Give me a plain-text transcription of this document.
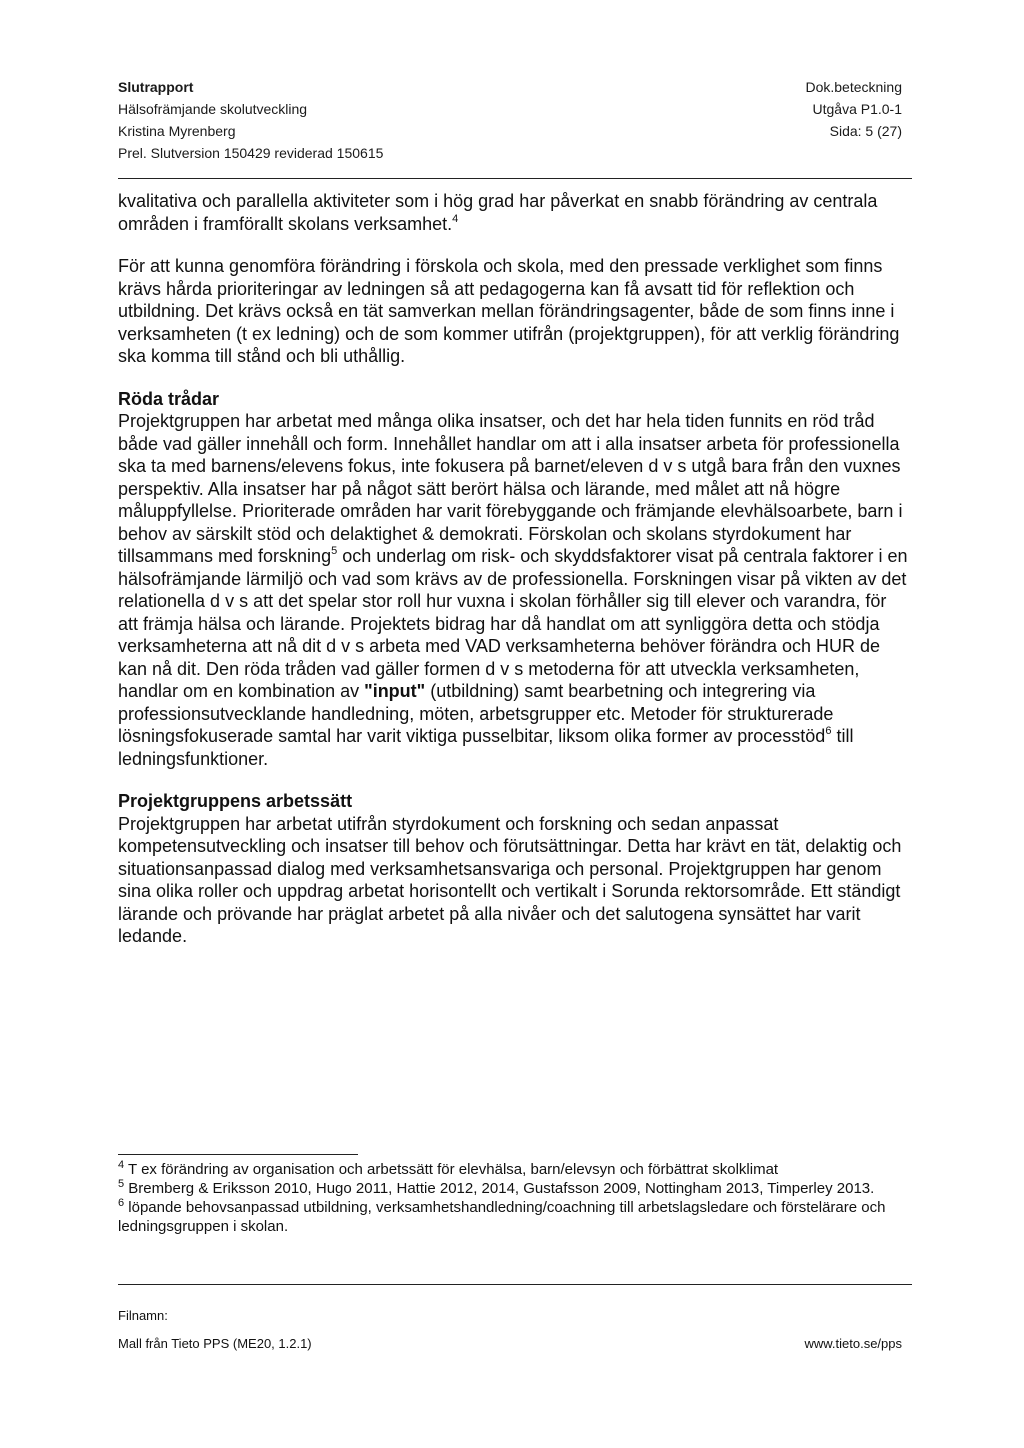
Slutrapport
Hälsofrämjande skolutveckling
Kristina Myrenberg
Prel. Slutversion 150429 reviderad 150615
Dok.beteckning
Utgåva P1.0-1
Sida: 5 (27)

kvalitativa och parallella aktiviteter som i hög grad har påverkat en snabb förändring av centrala områden i framförallt skolans verksamhet.$^4$

För att kunna genomföra förändring i förskola och skola, med den pressade verklighet som finns krävs hårda prioriteringar av ledningen så att pedagogerna kan få avsatt tid för reflektion och utbildning. Det krävs också en tät samverkan mellan förändringsagenter, både de som finns inne i verksamheten (t ex ledning) och de som kommer utifrån (projektgruppen), för att verklig förändring ska komma till stånd och bli uthållig.

Röda trådar

Projektgruppen har arbetat med många olika insatser, och det har hela tiden funnits en röd tråd både vad gäller innehåll och form. Innehållet handlar om att i alla insatser arbeta för professionella ska ta med barnens/elevens fokus, inte fokusera på barnet/eleven d v s utgå bara från den vuxnes perspektiv. Alla insatser har på något sätt berört hälsa och lärande, med målet att nå högre måluppfyllelse. Prioriterade områden har varit förebyggande och främjande elevhälsoarbete, barn i behov av särskilt stöd och delaktighet & demokrati. Förskolan och skolans styrdokument har tillsammans med forskning$^5$ och underlag om risk- och skyddsfaktorer visat på centrala faktorer i en hälsofrämjande lärmiljö och vad som krävs av de professionella. Forskningen visar på vikten av det relationella d v s att det spelar stor roll hur vuxna i skolan förhåller sig till elever och varandra, för att främja hälsa och lärande. Projektets bidrag har då handlat om att synliggöra detta och stödja verksamheterna att nå dit d v s arbeta med VAD verksamheterna behöver förändra och HUR de kan nå dit. Den röda tråden vad gäller formen d v s metoderna för att utveckla verksamheten, handlar om en kombination av "input" (utbildning) samt bearbetning och integrering via professionsutvecklande handledning, möten, arbetsgrupper etc. Metoder för strukturerade lösningsfokuserade samtal har varit viktiga pusselbitar, liksom olika former av processtöd$^6$ till ledningsfunktioner.

Projektgruppens arbetssätt

Projektgruppen har arbetat utifrån styrdokument och forskning och sedan anpassat kompetensutveckling och insatser till behov och förutsättningar. Detta har krävt en tät, delaktig och situationsanpassad dialog med verksamhetsansvariga och personal. Projektgruppen har genom sina olika roller och uppdrag arbetat horisontellt och vertikalt i Sorunda rektorsområde. Ett ständigt lärande och prövande har präglat arbetet på alla nivåer och det salutogena synsättet har varit ledande.

$^4$ T ex förändring av organisation och arbetssätt för elevhälsa, barn/elevsyn och förbättrat skolklimat

$^5$ Bremberg & Eriksson 2010, Hugo 2011, Hattie 2012, 2014, Gustafsson 2009, Nottingham 2013, Timperley 2013.

$^6$ löpande behovsanpassad utbildning, verksamhetshandledning/coachning till arbetslagsledare och förstelärare och ledningsgruppen i skolan.

Filnamn:
Mall från Tieto PPS (ME20, 1.2.1)	www.tieto.se/pps
